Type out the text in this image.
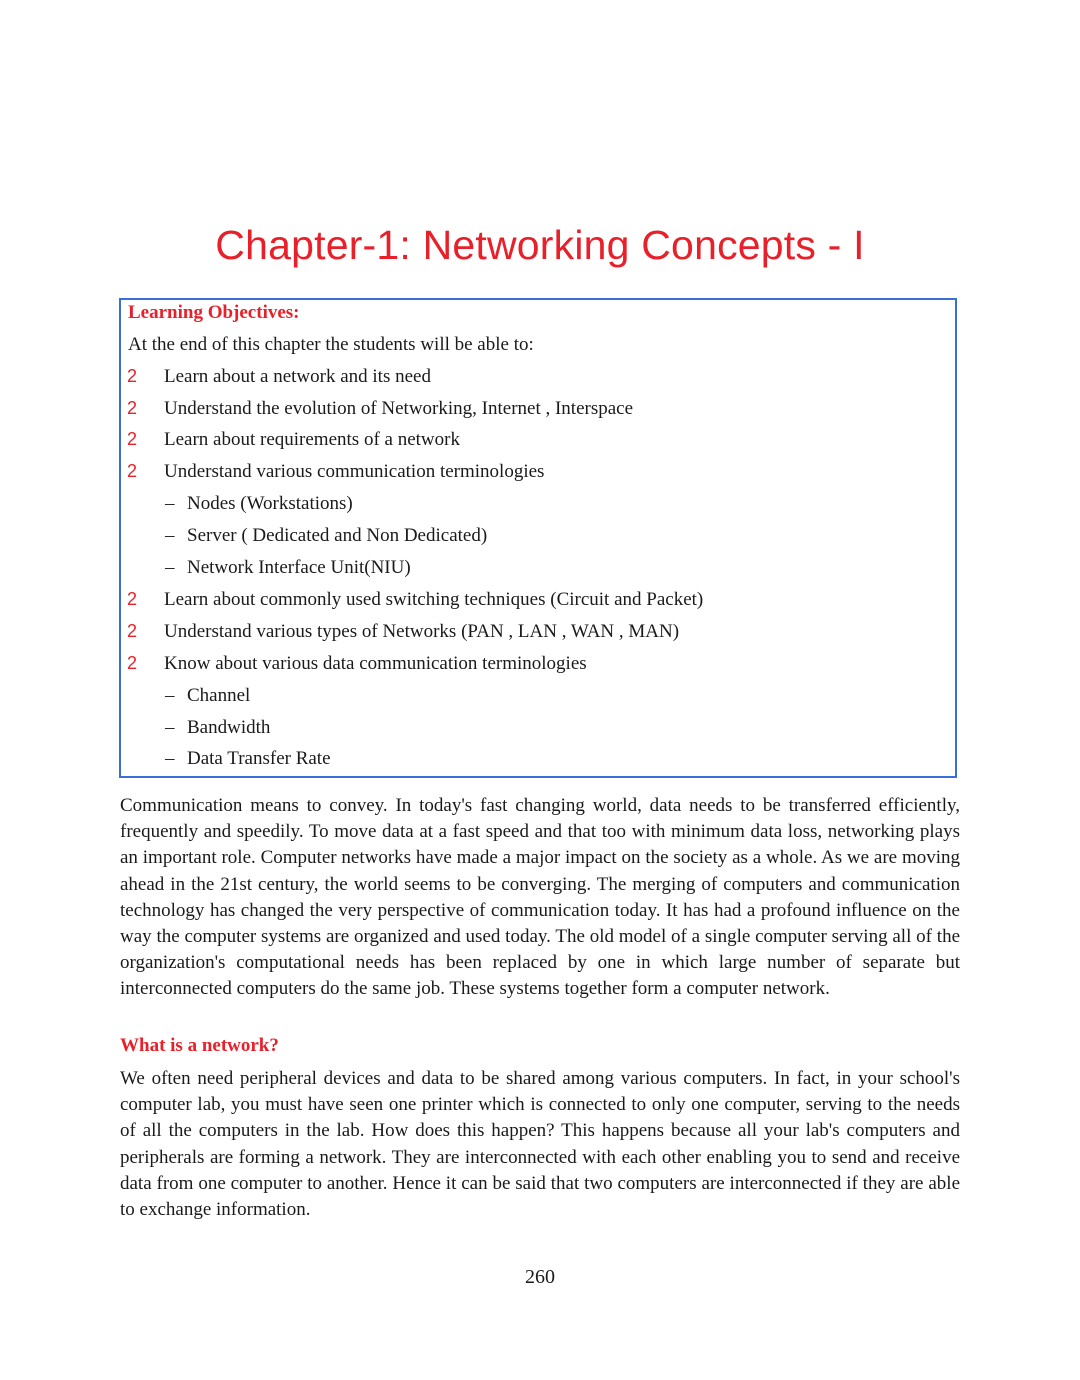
Chapter-1: Networking Concepts - I
Learning Objectives:
At the end of this chapter the students will be able to:
2 Learn about a network and its need
2 Understand the evolution of Networking, Internet , Interspace
2 Learn about requirements of a network
2 Understand various communication terminologies
– Nodes (Workstations)
– Server ( Dedicated and Non Dedicated)
– Network Interface Unit(NIU)
2 Learn about commonly used switching techniques (Circuit and Packet)
2 Understand various types of Networks (PAN , LAN , WAN , MAN)
2 Know about various data communication terminologies
– Channel
– Bandwidth
– Data Transfer Rate

Communication means to convey. In today's fast changing world, data needs to be transferred efficiently, frequently and speedily. To move data at a fast speed and that too with minimum data loss, networking plays an important role. Computer networks have made a major impact on the society as a whole. As we are moving ahead in the 21st century, the world seems to be converging. The merging of computers and communication technology has changed the very perspective of communication today. It has had a profound influence on the way the computer systems are organized and used today. The old model of a single computer serving all of the organization's computational needs has been replaced by one in which large number of separate but interconnected computers do the same job. These systems together form a computer network.

What is a network?

We often need peripheral devices and data to be shared among various computers. In fact, in your school's computer lab, you must have seen one printer which is connected to only one computer, serving to the needs of all the computers in the lab. How does this happen? This happens because all your lab's computers and peripherals are forming a network. They are interconnected with each other enabling you to send and receive data from one computer to another. Hence it can be said that two computers are interconnected if they are able to exchange information.

260
